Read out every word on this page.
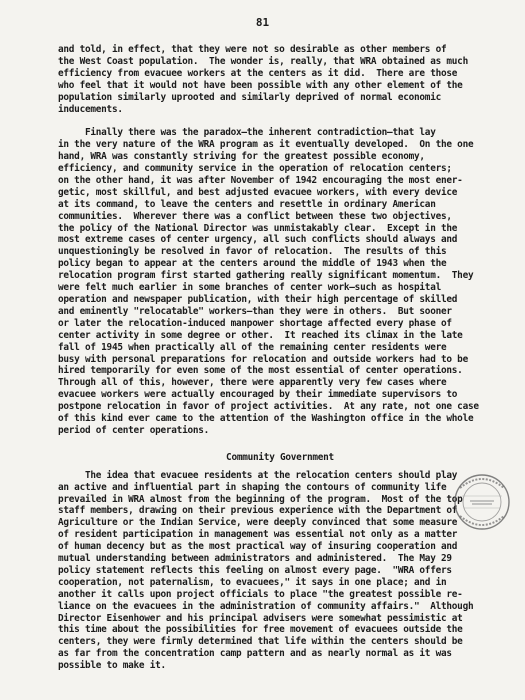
81
and told, in effect, that they were not so desirable as other members of
the West Coast population.  The wonder is, really, that WRA obtained as much
efficiency from evacuee workers at the centers as it did.  There are those
who feel that it would not have been possible with any other element of the
population similarly uprooted and similarly deprived of normal economic
inducements.
Finally there was the paradox—the inherent contradiction—that lay
in the very nature of the WRA program as it eventually developed.  On the one
hand, WRA was constantly striving for the greatest possible economy,
efficiency, and community service in the operation of relocation centers;
on the other hand, it was after November of 1942 encouraging the most ener-
getic, most skillful, and best adjusted evacuee workers, with every device
at its command, to leave the centers and resettle in ordinary American
communities.  Wherever there was a conflict between these two objectives,
the policy of the National Director was unmistakably clear.  Except in the
most extreme cases of center urgency, all such conflicts should always and
unquestioningly be resolved in favor of relocation.  The results of this
policy began to appear at the centers around the middle of 1943 when the
relocation program first started gathering really significant momentum.  They
were felt much earlier in some branches of center work—such as hospital
operation and newspaper publication, with their high percentage of skilled
and eminently "relocatable" workers—than they were in others.  But sooner
or later the relocation-induced manpower shortage affected every phase of
center activity in some degree or other.  It reached its climax in the late
fall of 1945 when practically all of the remaining center residents were
busy with personal preparations for relocation and outside workers had to be
hired temporarily for even some of the most essential of center operations.
Through all of this, however, there were apparently very few cases where
evacuee workers were actually encouraged by their immediate supervisors to
postpone relocation in favor of project activities.  At any rate, not one case
of this kind ever came to the attention of the Washington office in the whole
period of center operations.
Community Government
The idea that evacuee residents at the relocation centers should play
an active and influential part in shaping the contours of community life
prevailed in WRA almost from the beginning of the program.  Most of the top
staff members, drawing on their previous experience with the Department of
Agriculture or the Indian Service, were deeply convinced that some measure
of resident participation in management was essential not only as a matter
of human decency but as the most practical way of insuring cooperation and
mutual understanding between administrators and administered.  The May 29
policy statement reflects this feeling on almost every page.  "WRA offers
cooperation, not paternalism, to evacuees," it says in one place; and in
another it calls upon project officials to place "the greatest possible re-
liance on the evacuees in the administration of community affairs."  Although
Director Eisenhower and his principal advisers were somewhat pessimistic at
this time about the possibilities for free movement of evacuees outside the
centers, they were firmly determined that life within the centers should be
as far from the concentration camp pattern and as nearly normal as it was
possible to make it.
